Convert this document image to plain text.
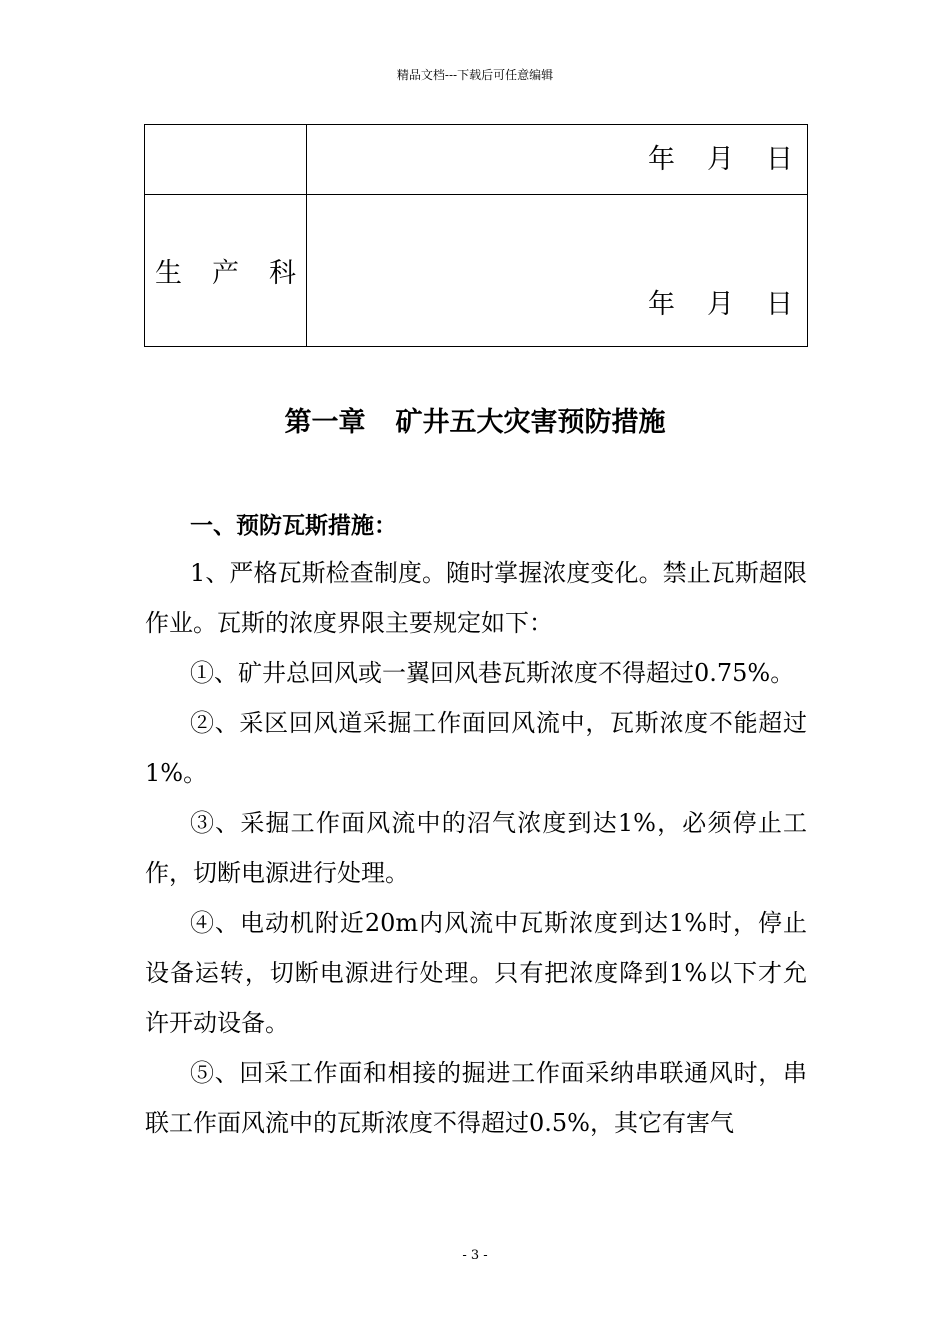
精品文档---下载后可任意编辑

	年 月 日

生 产 科	年 月 日
第一章 矿井五大灾害预防措施
一、预防瓦斯措施：

1、严格瓦斯检查制度。随时掌握浓度变化。禁止瓦斯超限作业。瓦斯的浓度界限主要规定如下：

①、矿井总回风或一翼回风巷瓦斯浓度不得超过0.75%。

②、采区回风道采掘工作面回风流中，瓦斯浓度不能超过1%。

③、采掘工作面风流中的沼气浓度到达1%，必须停止工作，切断电源进行处理。

④、电动机附近20m内风流中瓦斯浓度到达1%时，停止设备运转，切断电源进行处理。只有把浓度降到1%以下才允许开动设备。

⑤、回采工作面和相接的掘进工作面采纳串联通风时，串联工作面风流中的瓦斯浓度不得超过0.5%，其它有害气

- 3 -
